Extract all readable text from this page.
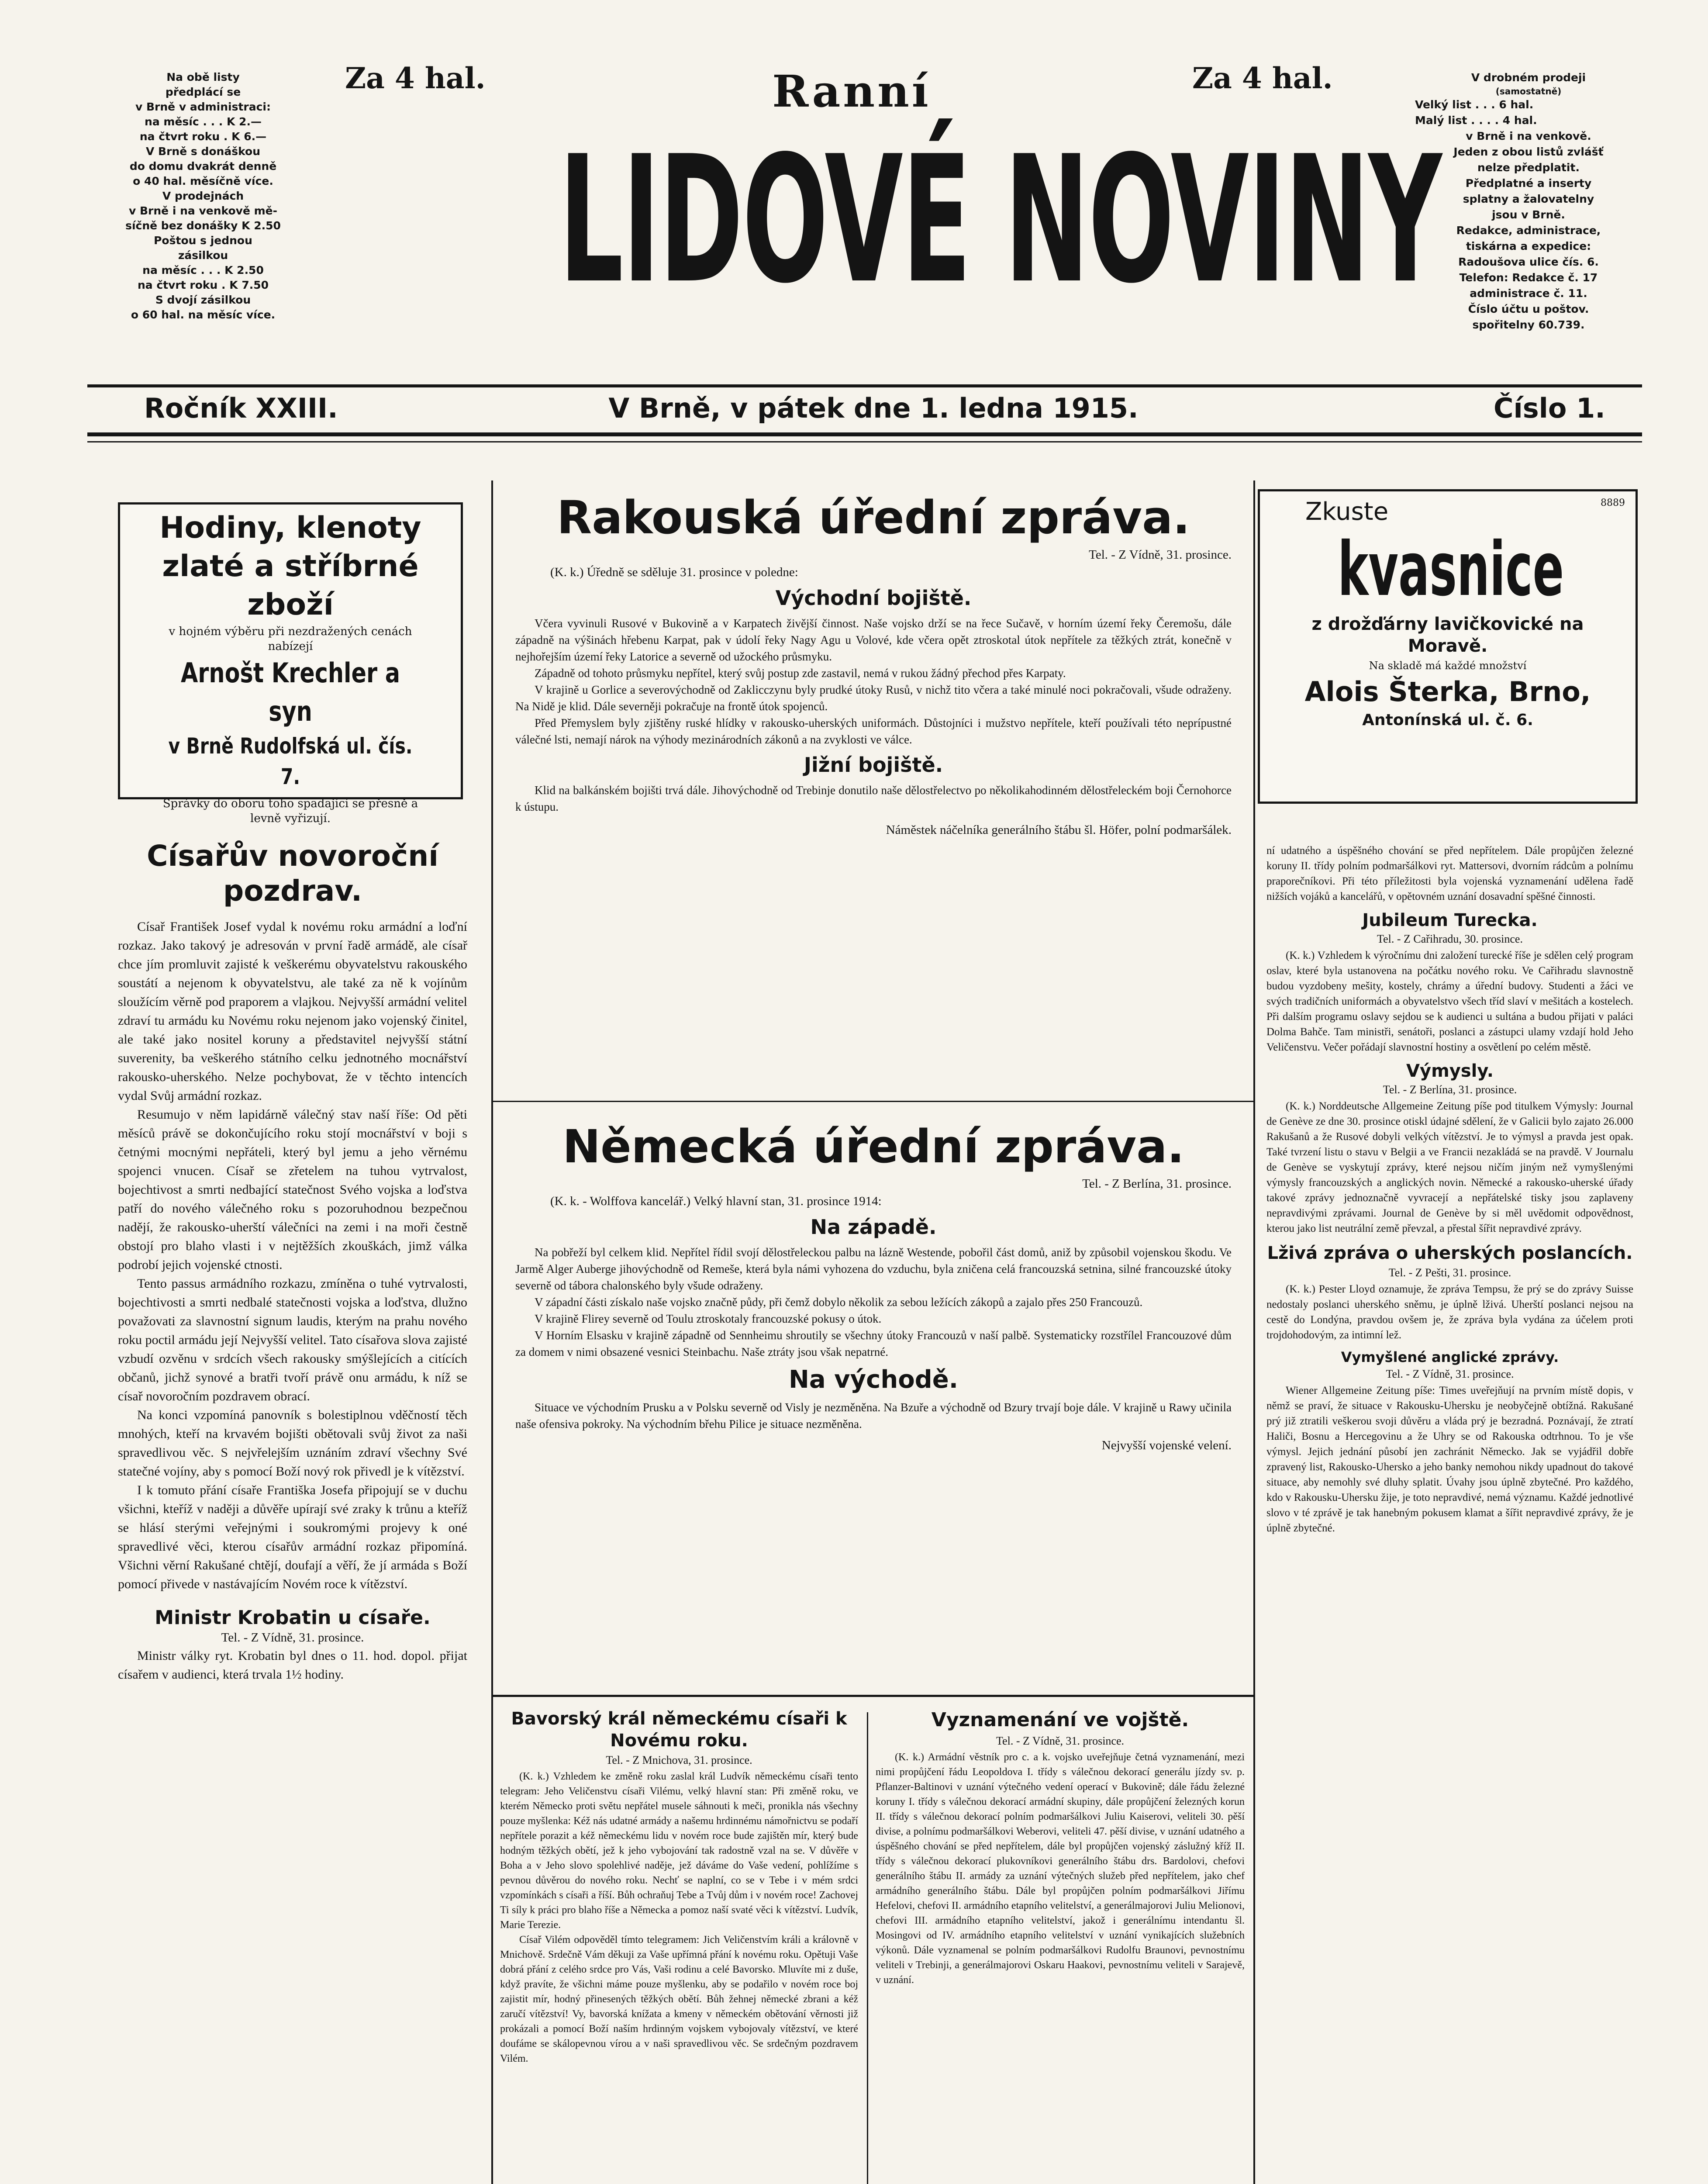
Na obě listy
předplácí se
v Brně v administraci:
na měsíc . . . K 2.—
na čtvrt roku . K 6.—
V Brně s donáškou
do domu dvakrát denně
o 40 hal. měsíčně více.
V prodejnách
v Brně i na venkově mě-
síčně bez donášky K 2.50
Poštou s jednou
zásilkou
na měsíc . . . K 2.50
na čtvrt roku . K 7.50
S dvojí zásilkou
o 60 hal. na měsíc více.
Za 4 hal.	Za 4 hal.
Ranní
LIDOVÉ NOVINY
V drobném prodeji
(samostatně)
Velký list . . . 6 hal.
Malý list . . . . 4 hal.
v Brně i na venkově.
Jeden z obou listů zvlášť
nelze předplatit.
Předplatné a inserty
splatny a žalovatelny
jsou v Brně.
Redakce, administrace,
tiskárna a expedice:
Radoušova ulice čís. 6.
Telefon: Redakce č. 17
administrace č. 11.
Číslo účtu u poštov.
spořitelny 60.739.
Ročník XXIII.	V Brně, v pátek dne 1. ledna 1915.	Číslo 1.
Hodiny, klenoty
zlaté a stříbrné
zboží
v hojném výběru při nezdražených cenách nabízejí
Arnošt Krechler a syn
v Brně Rudolfská ul. čís. 7.
Správky do oboru toho spadající se přesně a levně vyřizují.
Císařův novoroční pozdrav.

Císař František Josef vydal k novému roku armádní a loďní rozkaz. Jako takový je adresován v první řadě armádě, ale císař chce jím promluvit zajisté k veškerému obyvatelstvu rakouského soustátí a nejenom k obyvatelstvu, ale také za ně k vojínům sloužícím věrně pod praporem a vlajkou. Nejvyšší armádní velitel zdraví tu armádu ku Novému roku nejenom jako vojenský činitel, ale také jako nositel koruny a představitel nejvyšší státní suverenity, ba veškerého státního celku jednotného mocnářství rakousko-uherského. Nelze pochybovat, že v těchto intencích vydal Svůj armádní rozkaz.

Resumujo v něm lapidárně válečný stav naší říše: Od pěti měsíců právě se dokončujícího roku stojí mocnářství v boji s četnými mocnými nepřáteli, který byl jemu a jeho věrnému spojenci vnucen. Císař se zřetelem na tuhou vytrvalost, bojechtivost a smrti nedbající statečnost Svého vojska a loďstva patří do nového válečného roku s pozoruhodnou bezpečnou nadějí, že rakousko-uherští válečníci na zemi i na moři čestně obstojí pro blaho vlasti i v nejtěžších zkouškách, jimž válka podrobí jejich vojenské ctnosti.

Tento passus armádního rozkazu, zmíněna o tuhé vytrvalosti, bojechtivosti a smrti nedbalé statečnosti vojska a loďstva, dlužno považovati za slavnostní signum laudis, kterým na prahu nového roku poctil armádu její Nejvyšší velitel. Tato císařova slova zajisté vzbudí ozvěnu v srdcích všech rakousky smýšlejících a citících občanů, jichž synové a bratři tvoří právě onu armádu, k níž se císař novoročním pozdravem obrací.

Na konci vzpomíná panovník s bolestiplnou vděčností těch mnohých, kteří na krvavém bojišti obětovali svůj život za naši spravedlivou věc. S nejvřelejším uznáním zdraví všechny Své statečné vojíny, aby s pomocí Boží nový rok přivedl je k vítězství.

I k tomuto přání císaře Františka Josefa připojují se v duchu všichni, kteříž v naději a důvěře upírají své zraky k trůnu a kteříž se hlásí sterými veřejnými i soukromými projevy k oné spravedlivé věci, kterou císařův armádní rozkaz připomíná. Všichni věrní Rakušané chtějí, doufají a věří, že jí armáda s Boží pomocí přivede v nastávajícím Novém roce k vítězství.

Ministr Krobatin u císaře.

Tel. - Z Vídně, 31. prosince.

Ministr války ryt. Krobatin byl dnes o 11. hod. dopol. přijat císařem v audienci, která trvala 1½ hodiny.

Rakouská úřední zpráva.

Tel. - Z Vídně, 31. prosince.

(K. k.) Úředně se sděluje 31. prosince v poledne:

Východní bojiště.

Včera vyvinuli Rusové v Bukovině a v Karpatech živější činnost. Naše vojsko drží se na řece Sučavě, v horním území řeky Čeremošu, dále západně na výšinách hřebenu Karpat, pak v údolí řeky Nagy Agu u Volové, kde včera opět ztroskotal útok nepřítele za těžkých ztrát, konečně v nejhořejším území řeky Latorice a severně od užockého průsmyku.

Západně od tohoto průsmyku nepřítel, který svůj postup zde zastavil, nemá v rukou žádný přechod přes Karpaty.

V krajině u Gorlice a severovýchodně od Zaklicczynu byly prudké útoky Rusů, v nichž tito včera a také minulé noci pokračovali, všude odraženy. Na Nidě je klid. Dále severněji pokračuje na frontě útok spojenců.

Před Přemyslem byly zjištěny ruské hlídky v rakousko-uherských uniformách. Důstojníci i mužstvo nepřítele, kteří používali této neprípustné válečné lsti, nemají nárok na výhody mezinárodních zákonů a na zvyklosti ve válce.

Jižní bojiště.

Klid na balkánském bojišti trvá dále. Jihovýchodně od Trebinje donutilo naše dělostřelectvo po několikahodinném dělostřeleckém boji Černohorce k ústupu.

Náměstek náčelníka generálního štábu šl. Höfer, polní podmaršálek.

Německá úřední zpráva.

Tel. - Z Berlína, 31. prosince.

(K. k. - Wolffova kancelář.) Velký hlavní stan, 31. prosince 1914:

Na západě.

Na pobřeží byl celkem klid. Nepřítel řídil svojí dělostřeleckou palbu na lázně Westende, pobořil část domů, aniž by způsobil vojenskou škodu. Ve Jarmě Alger Auberge jihovýchodně od Remeše, která byla námi vyhozena do vzduchu, byla zničena celá francouzská setnina, silné francouzské útoky severně od tábora chalonského byly všude odraženy.

V západní části získalo naše vojsko značně půdy, při čemž dobylo několik za sebou ležících zákopů a zajalo přes 250 Francouzů.

V krajině Flirey severně od Toulu ztroskotaly francouzské pokusy o útok.

V Horním Elsasku v krajině západně od Sennheimu shroutily se všechny útoky Francouzů v naší palbě. Systematicky rozstřílel Francouzové dům za domem v nimi obsazené vesnici Steinbachu. Naše ztráty jsou však nepatrné.

Na východě.

Situace ve východním Prusku a v Polsku severně od Visly je nezměněna. Na Bzuře a východně od Bzury trvají boje dále. V krajině u Rawy učinila naše ofensiva pokroky. Na východním břehu Pilice je situace nezměněna.

Nejvyšší vojenské velení.

Bavorský král německému císaři k Novému roku.

Tel. - Z Mnichova, 31. prosince.

(K. k.) Vzhledem ke změně roku zaslal král Ludvík německému císaři tento telegram: Jeho Veličenstvu císaři Vilému, velký hlavní stan: Při změně roku, ve kterém Německo proti světu nepřátel musele sáhnouti k meči, pronikla nás všechny pouze myšlenka: Kéž nás udatné armády a našemu hrdinnému námořnictvu se podaří nepřítele porazit a kéž německému lidu v novém roce bude zajištěn mír, který bude hodným těžkých obětí, jež k jeho vybojování tak radostně vzal na se. V důvěře v Boha a v Jeho slovo spolehlivé naděje, jež dáváme do Vaše vedení, pohlížíme s pevnou důvěrou do nového roku. Nechť se naplní, co se v Tebe i v mém srdci vzpomínkách s císaři a říší. Bůh ochraňuj Tebe a Tvůj dům i v novém roce! Zachovej Ti síly k práci pro blaho říše a Německa a pomoz naší svaté věci k vítězství. Ludvík, Marie Terezie.

Císař Vilém odpověděl tímto telegramem: Jich Veličenstvím králi a královně v Mnichově. Srdečně Vám děkuji za Vaše upřímná přání k novému roku. Opětuji Vaše dobrá přání z celého srdce pro Vás, Vaši rodinu a celé Bavorsko. Mluvíte mi z duše, když pravíte, že všichni máme pouze myšlenku, aby se podařilo v novém roce boj zajistit mír, hodný přinesených těžkých obětí. Bůh žehnej německé zbrani a kéž zaručí vítězství! Vy, bavorská knížata a kmeny v německém obětování věrnosti již prokázali a pomocí Boží naším hrdinným vojskem vybojovaly vítězství, ve které doufáme se skálopevnou vírou a v naši spravedlivou věc. Se srdečným pozdravem Vilém.

Vyznamenání ve vojště.

Tel. - Z Vídně, 31. prosince.

(K. k.) Armádní věstník pro c. a k. vojsko uveřejňuje četná vyznamenání, mezi nimi propůjčení řádu Leopoldova I. třídy s válečnou dekorací generálu jízdy sv. p. Pflanzer-Baltinovi v uznání výtečného vedení operací v Bukovině; dále řádu železné koruny I. třídy s válečnou dekorací armádní skupiny, dále propůjčení železných korun II. třídy s válečnou dekorací polním podmaršálkovi Juliu Kaiserovi, veliteli 30. pěší divise, a polnímu podmaršálkovi Weberovi, veliteli 47. pěší divise, v uznání udatného a úspěšného chování se před nepřítelem, dále byl propůjčen vojenský záslužný kříž II. třídy s válečnou dekorací plukovníkovi generálního štábu drs. Bardolovi, chefovi generálního štábu II. armády za uznání výtečných služeb před nepřítelem, jako chef armádního generálního štábu. Dále byl propůjčen polním podmaršálkovi Jiřímu Hefelovi, chefovi II. armádního etapního velitelství, a generálmajorovi Juliu Melionovi, chefovi III. armádního etapního velitelství, jakož i generálnímu intendantu šl. Mosingovi od IV. armádního etapního velitelství v uznání vynikajících služebních výkonů. Dále vyznamenal se polním podmaršálkovi Rudolfu Braunovi, pevnostnímu veliteli v Trebinji, a generálmajorovi Oskaru Haakovi, pevnostnímu veliteli v Sarajevě, v uznání.

Zkuste	8889
kvasnice
z drožďárny lavičkovické na Moravě.
Na skladě má každé množství
Alois Šterka, Brno,
Antonínská ul. č. 6.

ní udatného a úspěšného chování se před nepřítelem. Dále propůjčen železné koruny II. třídy polním podmaršálkovi ryt. Mattersovi, dvorním rádcům a polnímu praporečníkovi. Při této příležitosti byla vojenská vyznamenání udělena řadě nižších vojáků a kancelářů, v opětovném uznání dosavadní spěšné činnosti.

Jubileum Turecka.

Tel. - Z Cařihradu, 30. prosince.

(K. k.) Vzhledem k výročnímu dni založení turecké říše je sdělen celý program oslav, které byla ustanovena na počátku nového roku. Ve Cařihradu slavnostně budou vyzdobeny mešity, kostely, chrámy a úřední budovy. Studenti a žáci ve svých tradičních uniformách a obyvatelstvo všech tříd slaví v mešitách a kostelech. Při dalším programu oslavy sejdou se k audienci u sultána a budou přijati v paláci Dolma Bahče. Tam ministři, senátoři, poslanci a zástupci ulamy vzdají hold Jeho Veličenstvu. Večer pořádají slavnostní hostiny a osvětlení po celém městě.

Výmysly.

Tel. - Z Berlína, 31. prosince.

(K. k.) Norddeutsche Allgemeine Zeitung píše pod titulkem Výmysly: Journal de Genève ze dne 30. prosince otiskl údajné sdělení, že v Galicii bylo zajato 26.000 Rakušanů a že Rusové dobyli velkých vítězství. Je to výmysl a pravda jest opak. Také tvrzení listu o stavu v Belgii a ve Francii nezakládá se na pravdě. V Journalu de Genève se vyskytují zprávy, které nejsou ničím jiným než vymyšlenými výmysly francouzských a anglických novin. Německé a rakousko-uherské úřady takové zprávy jednoznačně vyvracejí a nepřátelské tisky jsou zaplaveny nepravdivými zprávami. Journal de Genève by si měl uvědomit odpovědnost, kterou jako list neutrální země převzal, a přestal šířit nepravdivé zprávy.

Lživá zpráva o uherských poslancích.

Tel. - Z Pešti, 31. prosince.

(K. k.) Pester Lloyd oznamuje, že zpráva Tempsu, že prý se do zprávy Suisse nedostaly poslanci uherského sněmu, je úplně lživá. Uherští poslanci nejsou na cestě do Londýna, pravdou ovšem je, že zpráva byla vydána za účelem proti trojdohodovým, za intimní lež.

Vymyšlené anglické zprávy.

Tel. - Z Vídně, 31. prosince.

Wiener Allgemeine Zeitung píše: Times uveřejňují na prvním místě dopis, v němž se praví, že situace v Rakousku-Uhersku je neobyčejně obtížná. Rakušané prý již ztratili veškerou svoji důvěru a vláda prý je bezradná. Poznávají, že ztratí Haliči, Bosnu a Hercegovinu a že Uhry se od Rakouska odtrhnou. To je vše výmysl. Jejich jednání působí jen zachránit Německo. Jak se vyjádřil dobře zpravený list, Rakousko-Uhersko a jeho banky nemohou nikdy upadnout do takové situace, aby nemohly své dluhy splatit. Úvahy jsou úplně zbytečné. Pro každého, kdo v Rakousku-Uhersku žije, je toto nepravdivé, nemá významu. Každé jednotlivé slovo v té zprávě je tak hanebným pokusem klamat a šířit nepravdivé zprávy, že je úplně zbytečné.
